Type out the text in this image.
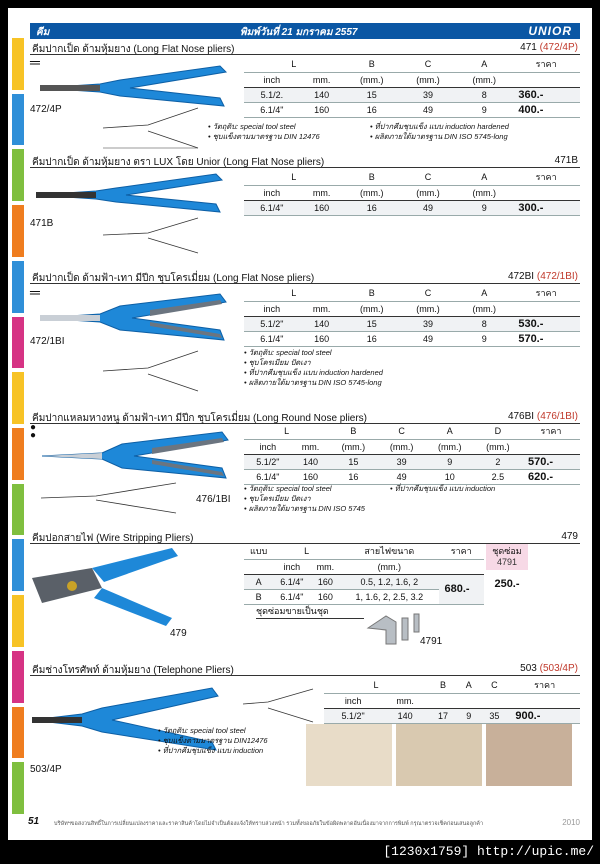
คีม	พิมพ์วันที่ 21 มกราคม 2557	UNIOR
คีมปากเป็ด ด้ามหุ้มยาง (Long Flat Nose pliers)	471 (472/4P)
═
472/4P
L		B	C	A	ราคา
inch	mm.	(mm.)	(mm.)	(mm.)	
5.1/2.	140	15	39	8	360.-
6.1/4"	160	16	49	9	400.-
• วัตถุดิบ: special tool steel
• ชุบแข็งตามมาตรฐาน DIN 12476
• ที่ปากคีมชุบแข็ง แบบ induction hardened
• ผลิตภายใต้มาตรฐาน DIN ISO 5745-long
คีมปากเป็ด ด้ามหุ้มยาง ตรา LUX โดย Unior (Long Flat Nose pliers)	471B
471B
L		B	C	A	ราคา
inch	mm.	(mm.)	(mm.)	(mm.)	
6.1/4"	160	16	49	9	300.-
คีมปากเป็ด ด้ามฟ้า-เทา มีปีก ชุบโครเมี่ยม (Long Flat Nose pliers)	472BI (472/1BI)
═
472/1BI
L		B	C	A	ราคา
inch	mm.	(mm.)	(mm.)	(mm.)	
5.1/2"	140	15	39	8	530.-
6.1/4"	160	16	49	9	570.-
• วัตถุดิบ: special tool steel
• ชุบโครเมียม ปัดเงา
• ที่ปากคีมชุบแข็ง แบบ induction hardened
• ผลิตภายใต้มาตรฐาน DIN ISO 5745-long
คีมปากแหลมหางหนู ด้ามฟ้า-เทา มีปีก ชุบโครเมี่ยม (Long Round Nose pliers)	476BI (476/1BI)
●
●
476/1BI
L		B	C	A	D	ราคา
inch	mm.	(mm.)	(mm.)	(mm.)	(mm.)	
5.1/2"	140	15	39	9	2	570.-
6.1/4"	160	16	49	10	2.5	620.-
• วัตถุดิบ: special tool steel
• ชุบโครเมียม ปัดเงา
• ผลิตภายใต้มาตรฐาน DIN ISO 5745
• ที่ปากคีมชุบแข็ง แบบ induction
คีมปอกสายไฟ (Wire Stripping Pliers)	479
479
แบบ	L		สายไฟขนาด	ราคา
	inch	mm.	(mm.)	
A	6.1/4"	160	0.5, 1.2, 1.6, 2	680.-
B	6.1/4"	160	1, 1.6, 2, 2.5, 3.2	
ชุดซ่อม
4791
250.-
ชุดซ่อมขายเป็นชุด
4791
คีมช่างโทรศัพท์ ด้ามหุ้มยาง (Telephone Pliers)	503 (503/4P)
503/4P
• วัตถุดิบ: special tool steel
• ชุบแข็งตามมาตรฐาน DIN12476
• ที่ปากคีมชุบแข็ง แบบ induction
L		B	A	C	ราคา
inch	mm.				
5.1/2"	140	17	9	35	900.-
51	บริษัทฯขอสงวนสิทธิ์ในการเปลี่ยนแปลงราคาและราคาสินค้าโดยไม่จำเป็นต้องแจ้งให้ทราบล่วงหน้า รวมทั้งขออภัยในข้อผิดพลาดอันเนื่องมาจากการพิมพ์ กรุณาตรวจเช็คก่อนเสนอลูกค้า	2010
[1230x1759] http://upic.me/
